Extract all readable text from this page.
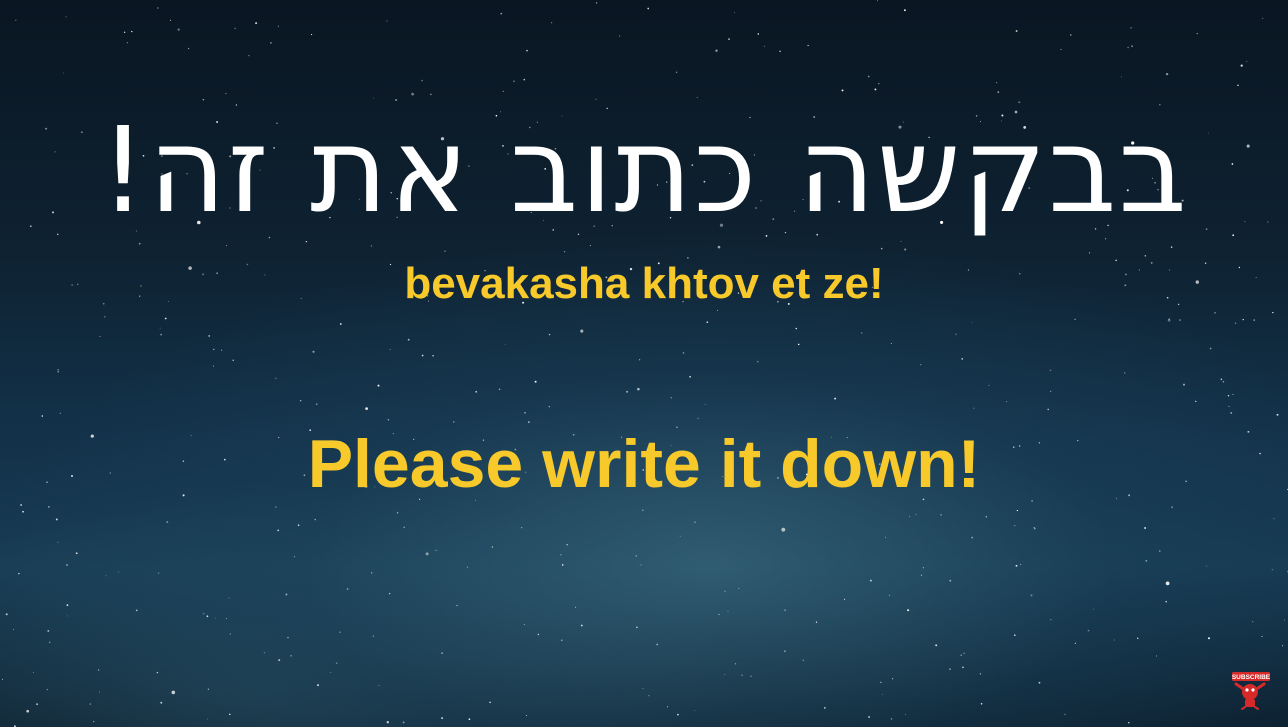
בבקשה כתוב את זה!
bevakasha khtov et ze!
Please write it down!
SUBSCRIBE
